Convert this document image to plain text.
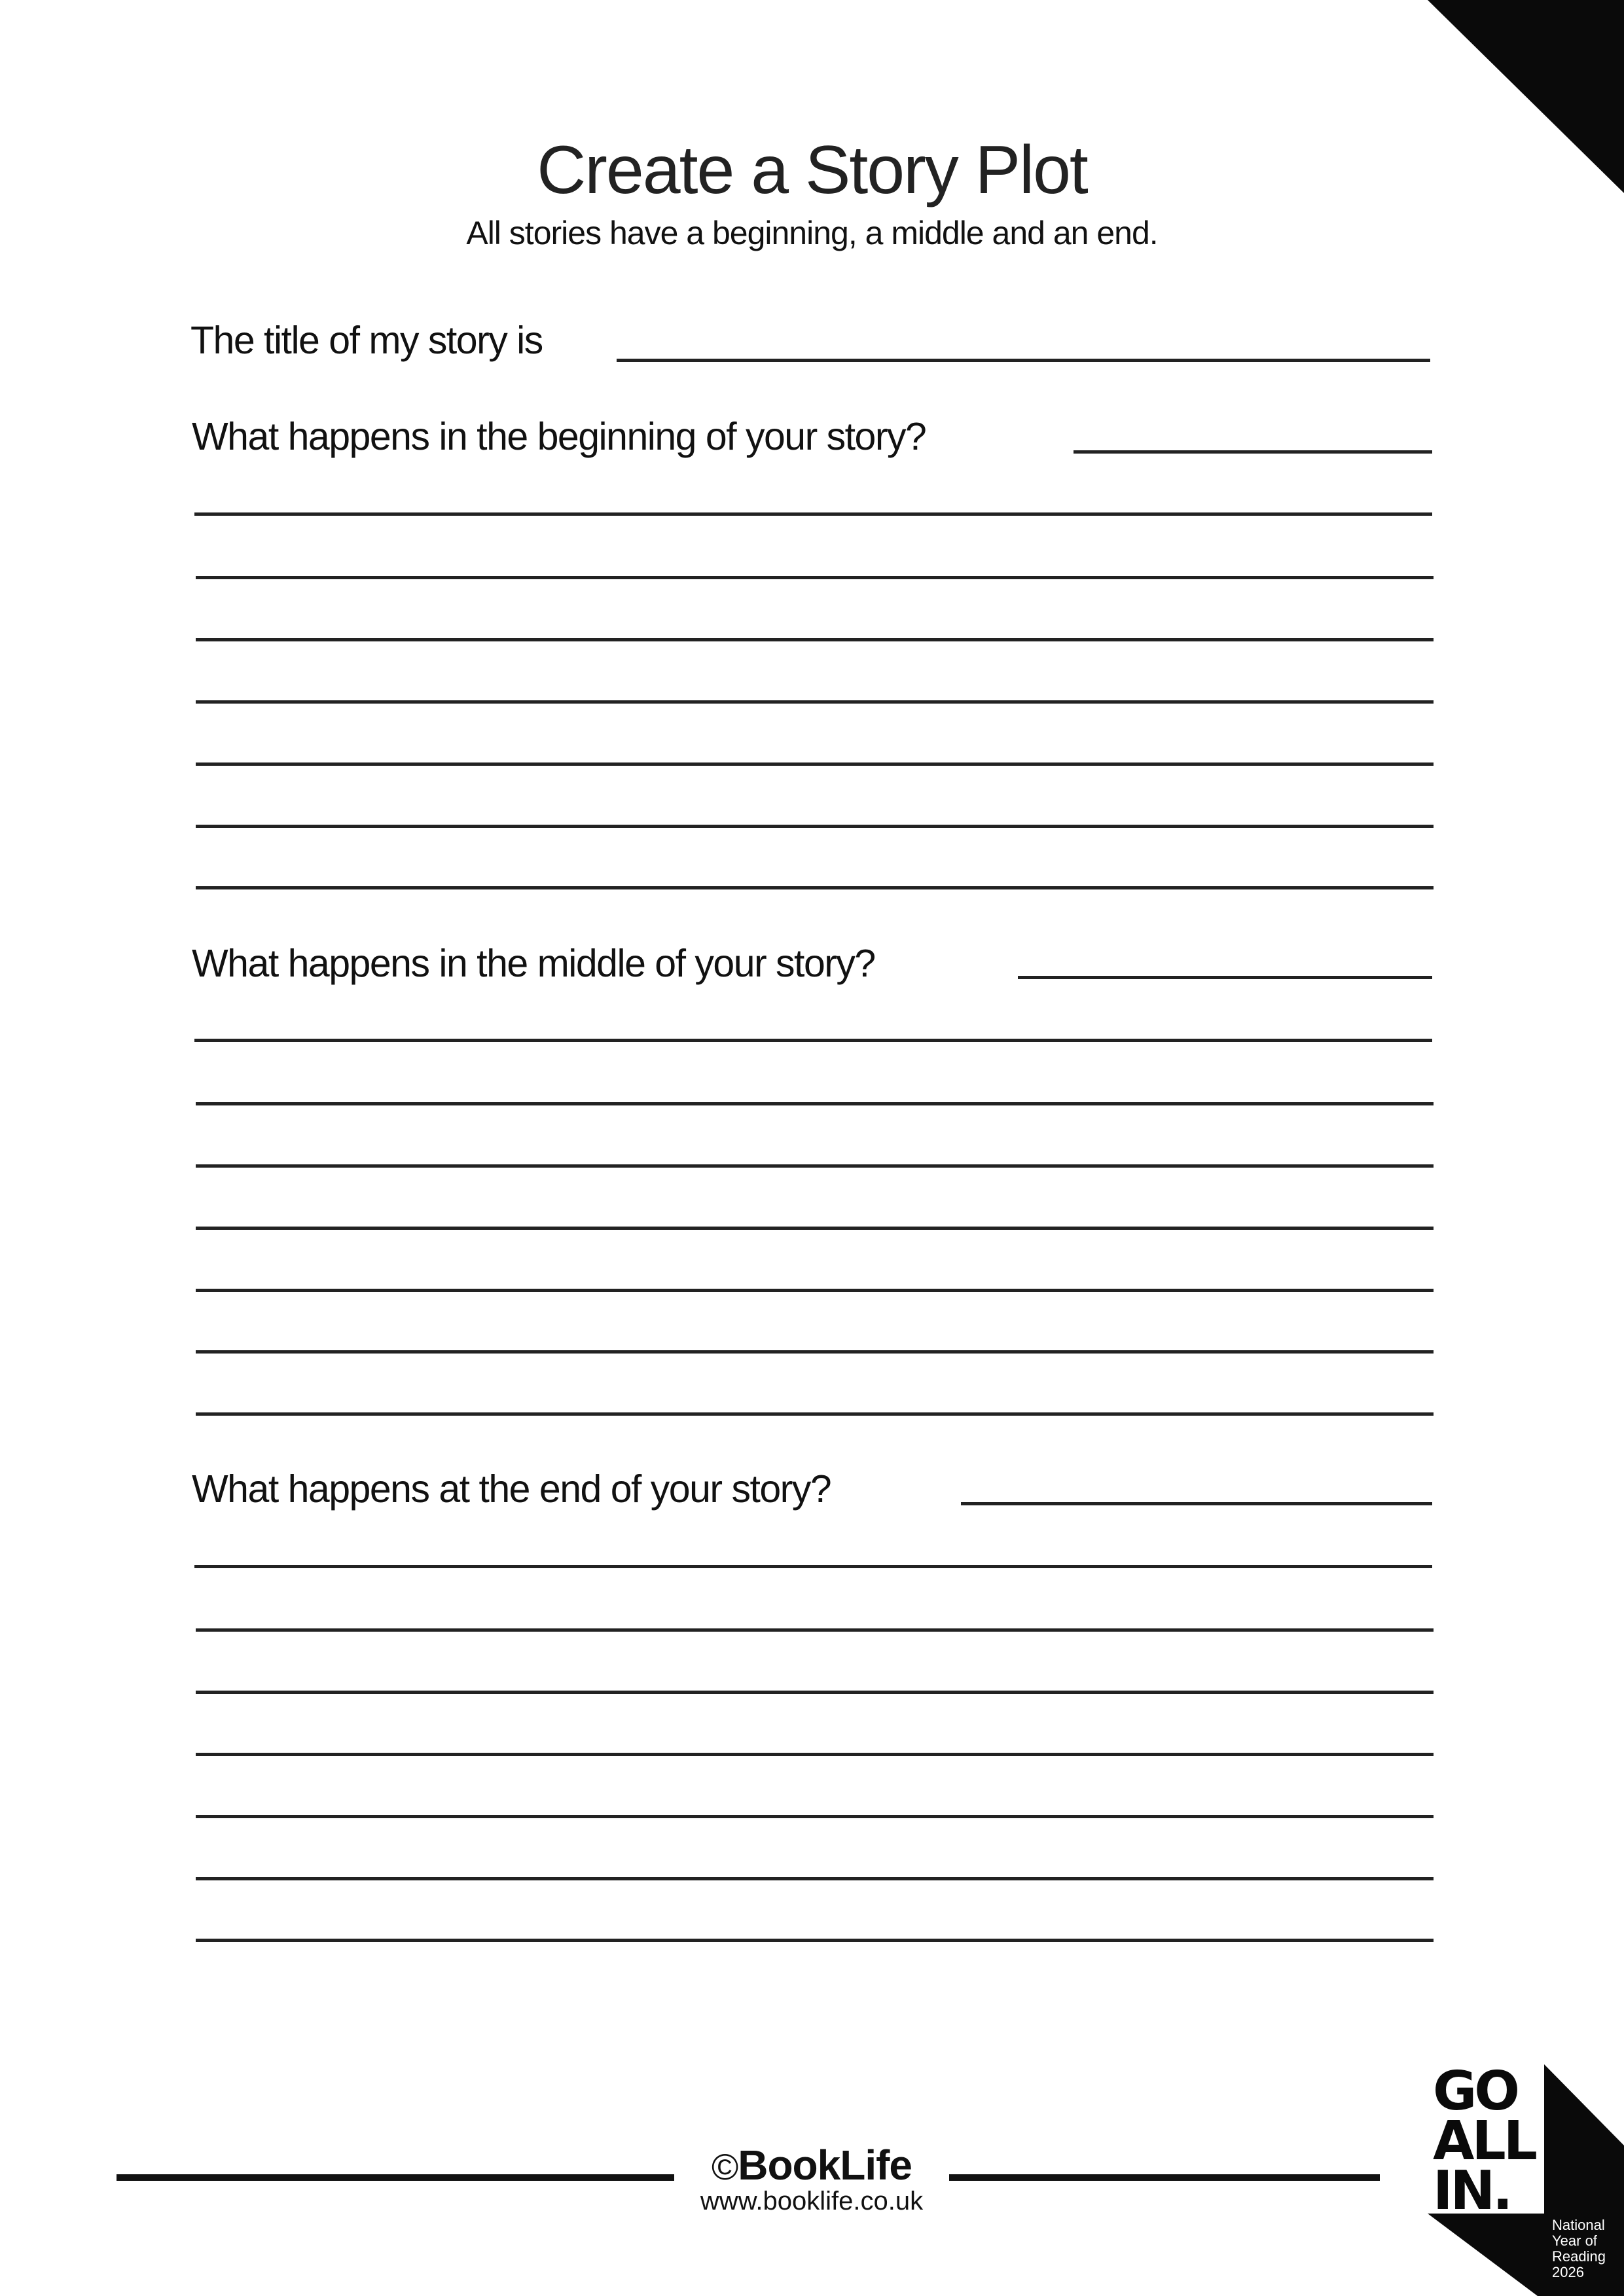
Create a Story Plot
All stories have a beginning, a middle and an end.
The title of my story is
What happens in the beginning of your story?
What happens in the middle of your story?
What happens at the end of your story?
©BookLife
www.booklife.co.uk
GO
ALL
IN.
National
Year of
Reading
2026
